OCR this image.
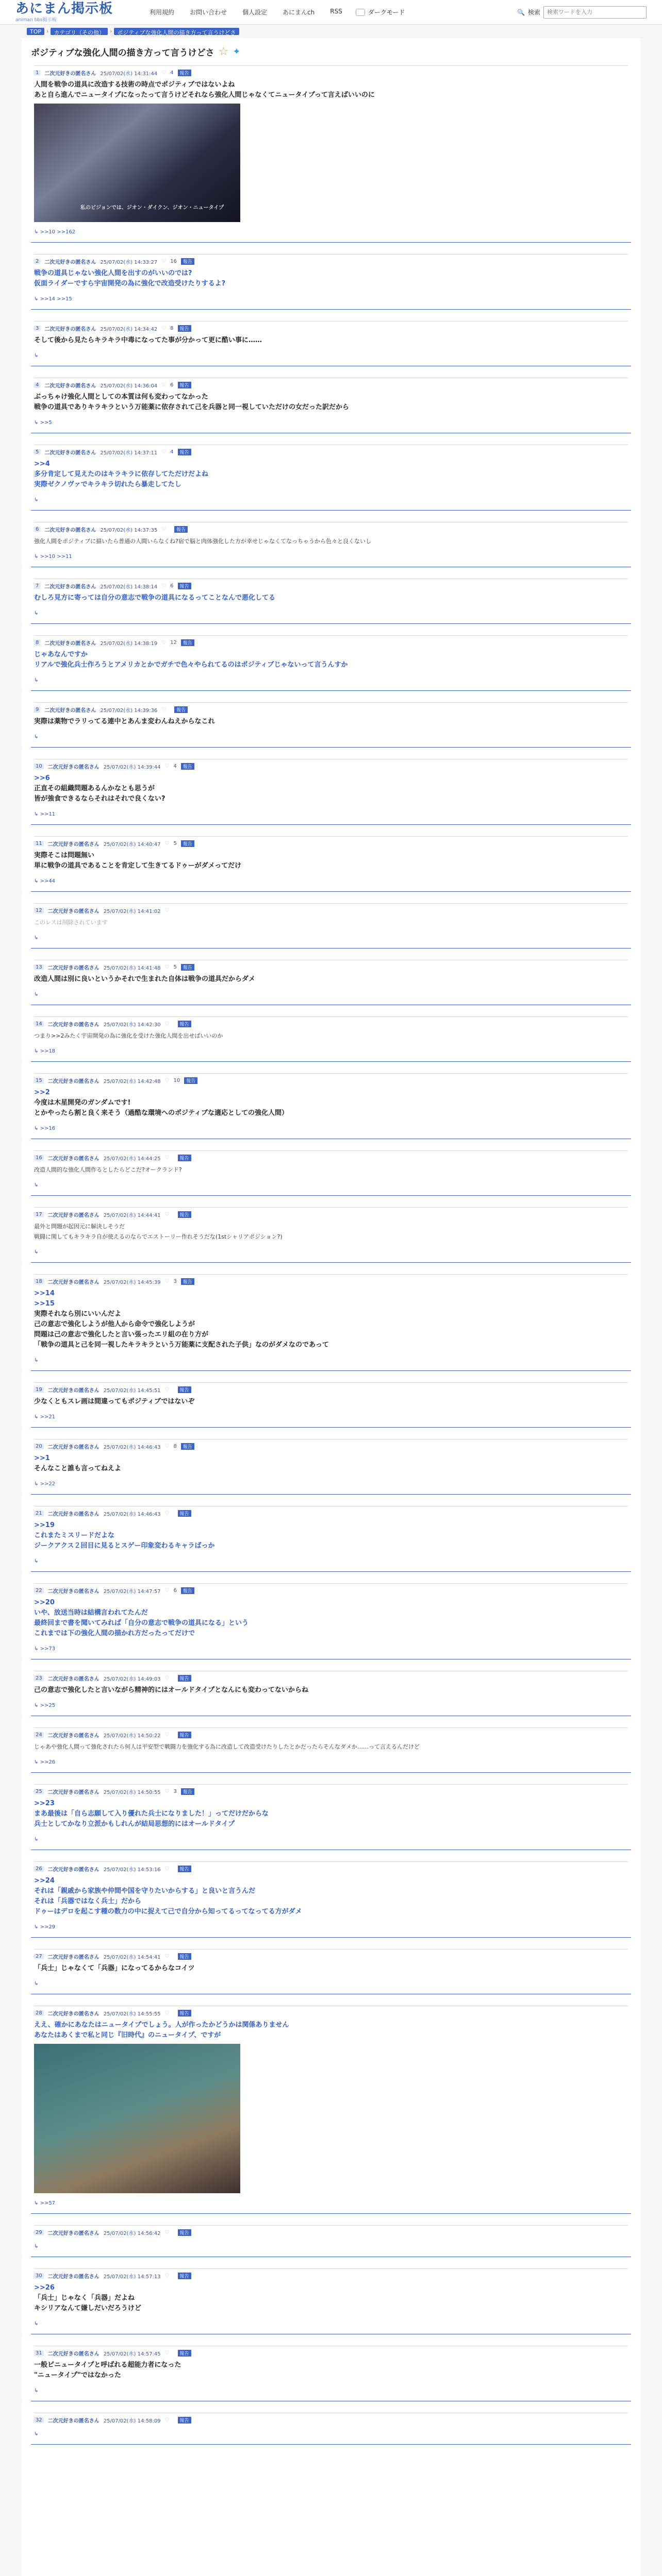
あにまん掲示板
animan bbs掲示板
利用規約	お問い合わせ	個人設定	あにまんch	RSS	ダークモード	🔍 検索
検索ワードを入力
TOP › カテゴリ（その他） › ポジティブな強化人間の描き方って言うけどさ
ポジティブな強化人間の描き方って言うけどさ ☆ ✦
1	二次元好きの匿名さん 25/07/02(水) 14:31:44 ♡ 4	報告
人間を戦争の道具に改造する技術の時点でポジティブではないよね
あと自ら進んでニュータイプになったって言うけどそれなら強化人間じゃなくてニュータイプって言えばいいのに
私のビジョンでは、ジオン・ダイクン、ジオン・ニュータイプ
↳ >>10 >>162
2	二次元好きの匿名さん 25/07/02(水) 14:33:27 ♡ 16	報告
戦争の道具じゃない強化人間を出すのがいいのでは?
仮面ライダーですら宇宙開発の為に強化で改造受けたりするよ?
↳ >>14 >>15
3	二次元好きの匿名さん 25/07/02(水) 14:34:42 ♡ 8	報告
そして後から見たらキラキラ中毒になってた事が分かって更に酷い事に……
↳
4	二次元好きの匿名さん 25/07/02(水) 14:36:04 ♡ 6	報告
ぶっちゃけ強化人間としての本質は何も変わってなかった
戦争の道具でありキラキラという万能薬に依存されて己を兵器と同一視していただけの女だった訳だから
↳ >>5
5	二次元好きの匿名さん 25/07/02(水) 14:37:11 ♡ 4	報告
>>4
多分肯定して見えたのはキラキラに依存してただけだよね
実際ゼクノヴァでキラキラ切れたら暴走してたし
↳
6	二次元好きの匿名さん 25/07/02(水) 14:37:35 ♡	報告
強化人間をポジティブに描いたら普通の人間いらなくね?宿で脳と肉体強化した方が幸せじゃなくてなっちゃうから色々と良くないし
↳ >>10 >>11
7	二次元好きの匿名さん 25/07/02(水) 14:38:14 ♡ 6	報告
むしろ見方に寄っては自分の意志で戦争の道具になるってことなんで悪化してる
↳
8	二次元好きの匿名さん 25/07/02(水) 14:38:19 ♡ 12	報告
じゃあなんですか
リアルで強化兵士作ろうとアメリカとかでガチで色々やられてるのはポジティブじゃないって言うんすか
↳
9	二次元好きの匿名さん 25/07/02(水) 14:39:36 ♡	報告
実際は薬物でラリってる連中とあんま変わんねえからなこれ
↳
10	二次元好きの匿名さん 25/07/02(水) 14:39:44 ♡ 4	報告
>>6
正直その組織問題あるんかなとも思うが
皆が強食できるならそれはそれで良くない?
↳ >>11
11	二次元好きの匿名さん 25/07/02(水) 14:40:47 ♡ 5	報告
実際そこは問題無い
単に戦争の道具であることを肯定して生きてるドゥーがダメってだけ
↳ >>44
12	二次元好きの匿名さん 25/07/02(水) 14:41:02 ♡
このレスは削除されています
↳
13	二次元好きの匿名さん 25/07/02(水) 14:41:48 ♡ 5	報告
改造人間は別に良いというかそれで生まれた自体は戦争の道具だからダメ
↳
14	二次元好きの匿名さん 25/07/02(水) 14:42:30 ♡	報告
つまり>>2みたく宇宙開発の為に強化を受けた強化人間を出せばいいのか
↳ >>18
15	二次元好きの匿名さん 25/07/02(水) 14:42:48 ♡ 10	報告
>>2
今度は木星開発のガンダムです!
とかやったら割と良く来そう（過酷な環境へのポジティブな適応としての強化人間）
↳ >>16
16	二次元好きの匿名さん 25/07/02(水) 14:44:25 ♡	報告
改造人間的な強化人間作るとしたらどこだ?オークランド?
↳
17	二次元好きの匿名さん 25/07/02(水) 14:44:41 ♡	報告
最外と問題が起因元に解決しそうだ
戦闘に関してもキラキラ自が使えるのならでエストーリー作れそうだな(1stシャリアポジション?)
↳
18	二次元好きの匿名さん 25/07/02(水) 14:45:39 ♡ 3	報告
>>14
>>15
実際それなら別にいいんだよ
己の意志で強化しようが他人から命令で強化しようが
問題は己の意志で強化したと言い張ったエリ組の在り方が
「戦争の道具と己を同一視したキラキラという万能薬に支配された子供」なのがダメなのであって
↳
19	二次元好きの匿名さん 25/07/02(水) 14:45:51 ♡	報告
少なくともスレ画は間違ってもポジティブではないぞ
↳ >>21
20	二次元好きの匿名さん 25/07/02(水) 14:46:43 ♡ 8	報告
>>1
そんなこと誰も言ってねえよ
↳ >>22
21	二次元好きの匿名さん 25/07/02(水) 14:46:43 ♡	報告
>>19
これまたミスリードだよな
ジークアクス２回目に見るとスゲー印象変わるキャラばっか
↳
22	二次元好きの匿名さん 25/07/02(水) 14:47:57 ♡ 6	報告
>>20
いや、放送当時は結構言われてたんだ
最終回まで書を聞いてみれば「自分の意志で戦争の道具になる」という
これまでは下の強化人間の描かれ方だったってだけで
↳ >>73
23	二次元好きの匿名さん 25/07/02(水) 14:49:03 ♡	報告
己の意志で強化したと言いながら精神的にはオールドタイプとなんにも変わってないからね
↳ >>25
24	二次元好きの匿名さん 25/07/02(水) 14:50:22 ♡	報告
じゃあや強化人間って強化されたら何人は平安型で戦闘力を強化する為に改造して改造受けたりしたとかだったらそんなダメか……って言えるんだけど
↳ >>26
25	二次元好きの匿名さん 25/07/02(水) 14:50:55 ♡ 3	報告
>>23
まあ最後は「自ら志願して入り優れた兵士になりました！」ってだけだからな
兵士としてかなり立派かもしれんが結局思想的にはオールドタイプ
↳
26	二次元好きの匿名さん 25/07/02(水) 14:53:16 ♡	報告
>>24
それは「親戚から家族や仲間や国を守りたいからする」と良いと言うんだ
それは「兵器ではなく兵士」だから
ドゥーはデロを起こす種の数力の中に捉えて己で自分から知ってるってなってる方がダメ
↳ >>29
27	二次元好きの匿名さん 25/07/02(水) 14:54:41 ♡	報告
「兵士」じゃなくて「兵器」になってるからなコイツ
↳
28	二次元好きの匿名さん 25/07/02(水) 14:55:55 ♡	報告
ええ、確かにあなたはニュータイプでしょう。人が作ったかどうかは関係ありません
あなたはあくまで私と同じ『旧時代』のニュータイプ、ですが
↳ >>57
29	二次元好きの匿名さん 25/07/02(水) 14:56:42 ♡	報告
↳
30	二次元好きの匿名さん 25/07/02(水) 14:57:13 ♡	報告
>>26
「兵士」じゃなく「兵器」だよね
キシリアなんて嫌しだいだろうけど
↳
31	二次元好きの匿名さん 25/07/02(水) 14:57:45 ♡	報告
一般ピニュータイプと呼ばれる超能力者になった
"ニュータイプ"ではなかった
↳
32	二次元好きの匿名さん 25/07/02(水) 14:58:09 ♡	報告
↳
